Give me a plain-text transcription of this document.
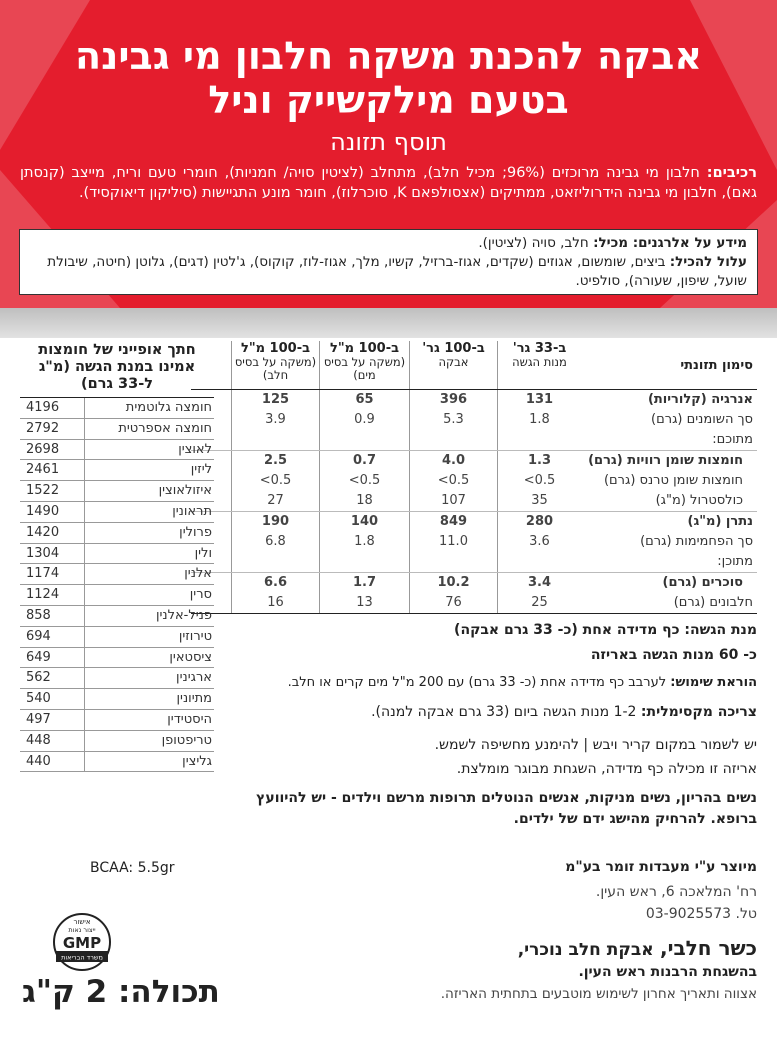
אבקה להכנת משקה חלבון מי גבינה
בטעם מילקשייק וניל
תוסף תזונה
רכיבים: חלבון מי גבינה מרוכזים (96%; מכיל חלב), מתחלב (לציטין סויה/ חמניות), חומרי טעם וריח, מייצב (קנסתן גאם), חלבון מי גבינה הידרוליזאט, ממתיקים (אצסולפאם K, סוכרלוז), חומר מונע התגיישות (סיליקון דיאוקסיד).
מידע על אלרגנים: מכיל: חלב, סויה (לציטין).
עלול להכיל: ביצים, שומשום, אגוזים (שקדים, אגוז-ברזיל, קשיו, מלך, אגוז-לוז, קוקוס), ג'לטין (דגים), גלוטן (חיטה, שיבולת שועל, שיפון, שעורה), סולפיט.
סימון תזונתי
ב-33 גר'
מנות הגשה
ב-100 גר'
אבקה
ב-100 מ"ל
(משקה על בסיס מים)
ב-100 מ"ל
(משקה על בסיס חלב)
אנרגיה (קלוריות)
131
396
65
125
סך השומנים (גרם)
1.8
5.3
0.9
3.9
מתוכם:
חומצות שומן רוויות (גרם)
1.3
4.0
0.7
2.5
חומצות שומן טרנס (גרם)
0.5>
0.5>
0.5>
0.5>
כולסטרול (מ"ג)
35
107
18
27
נתרן (מ"ג)
280
849
140
190
סך הפחמימות (גרם)
3.6
11.0
1.8
6.8
מתוכן:
סוכרים (גרם)
3.4
10.2
1.7
6.6
חלבונים (גרם)
25
76
13
16
חתך אופייני של חומצות אמינו במנת הגשה (מ"ג ל-33 גרם)
חומצה גלוטמית
4196
חומצה אספרטית
2792
לאוצין
2698
ליזין
2461
איזולאוצין
1522
תראונין
1490
פרולין
1420
ולין
1304
אלנין
1174
סרין
1124
פניל-אלנין
858
טירוזין
694
ציסטאין
649
ארגינין
562
מתיונין
540
היסטידין
497
טריפטופן
448
גליצין
440
BCAA: 5.5gr
מנת הגשה: כף מדידה אחת (כ- 33 גרם אבקה)
כ- 60 מנות הגשה באריזה
הוראת שימוש: לערבב כף מדידה אחת (כ- 33 גרם) עם 200 מ"ל מים קרים או חלב.
צריכה מקסימלית: 1-2 מנות הגשה ביום (33 גרם אבקה למנה).
יש לשמור במקום קריר ויבש | להימנע מחשיפה לשמש.
אריזה זו מכילה כף מדידה, השגחת מבוגר מומלצת.
נשים בהריון, נשים מניקות, אנשים הנוטלים תרופות מרשם וילדים - יש להיוועץ ברופא. להרחיק מהישג ידם של ילדים.
מיוצר ע"י מעבדות זומר בע"מ
רח' המלאכה 6, ראש העין.
טל. 03-9025573
כשר חלבי, אבקת חלב נוכרי,
בהשגחת הרבנות ראש העין.
אצווה ותאריך אחרון לשימוש מוטבעים בתחתית האריזה.
אישור
ייצור נאות
GMP
משרד הבריאות
תכולה: 2 ק"ג
